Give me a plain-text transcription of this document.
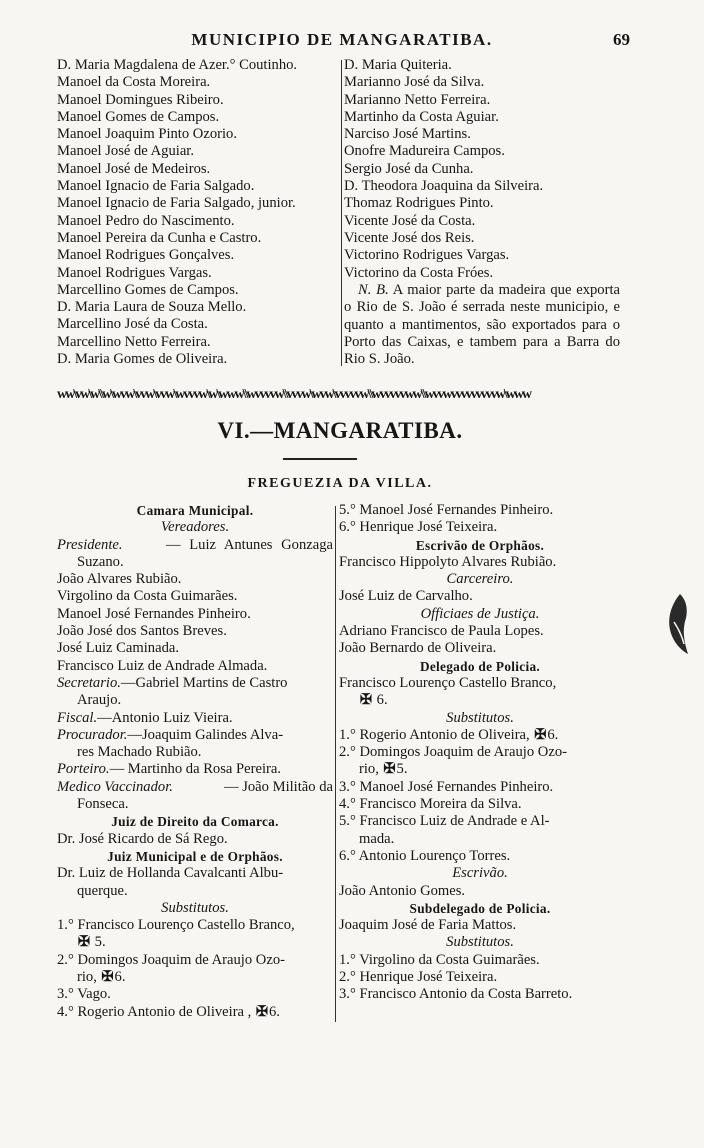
MUNICIPIO DE MANGARATIBA.	69
D. Maria Magdalena de Azer.° Coutinho.
Manoel da Costa Moreira.
Manoel Domingues Ribeiro.
Manoel Gomes de Campos.
Manoel Joaquim Pinto Ozorio.
Manoel José de Aguiar.
Manoel José de Medeiros.
Manoel Ignacio de Faria Salgado.
Manoel Ignacio de Faria Salgado, junior.
Manoel Pedro do Nascimento.
Manoel Pereira da Cunha e Castro.
Manoel Rodrigues Gonçalves.
Manoel Rodrigues Vargas.
Marcellino Gomes de Campos.
D. Maria Laura de Souza Mello.
Marcellino José da Costa.
Marcellino Netto Ferreira.
D. Maria Gomes de Oliveira.
D. Maria Quiteria.
Marianno José da Silva.
Marianno Netto Ferreira.
Martinho da Costa Aguiar.
Narciso José Martins.
Onofre Madureira Campos.
Sergio José da Cunha.
D. Theodora Joaquina da Silveira.
Thomaz Rodrigues Pinto.
Vicente José da Costa.
Vicente José dos Reis.
Victorino Rodrigues Vargas.
Victorino da Costa Fróes.
N. B. A maior parte da madeira que exporta o Rio de S. João é serrada neste municipio, e quanto a mantimentos, são exportados para o Porto das Caixas, e tambem para a Barra do Rio S. João.
ww\vw\w\\w\wvw\vvw\vvw\wvvvw\w\www\\wvvvvw\\vvvw\wvw\vvvvvw\\wvvvvvww\\wvvwvvvvvvvvvw\www
VI.—MANGARATIBA.
FREGUEZIA DA VILLA.
Camara Municipal.
Vereadores.
Presidente.	— Luiz Antunes Gonzaga
Suzano.
João Alvares Rubião.
Virgolino da Costa Guimarães.
Manoel José Fernandes Pinheiro.
João José dos Santos Breves.
José Luiz Caminada.
Francisco Luiz de Andrade Almada.
Secretario.—Gabriel Martins de Castro
Araujo.
Fiscal.—Antonio Luiz Vieira.
Procurador.—Joaquim Galindes Alva-
res Machado Rubião.
Porteiro.— Martinho da Rosa Pereira.
Medico Vaccinador.	— João Militão da
Fonseca.
Juiz de Direito da Comarca.
Dr. José Ricardo de Sá Rego.
Juiz Municipal e de Orphãos.
Dr. Luiz de Hollanda Cavalcanti Albu-
querque.
Substitutos.
1.° Francisco Lourenço Castello Branco,
✠ 5.
2.° Domingos Joaquim de Araujo Ozo-
rio, ✠6.
3.° Vago.
4.° Rogerio Antonio de Oliveira , ✠6.
5.° Manoel José Fernandes Pinheiro.
6.° Henrique José Teixeira.
Escrivão de Orphãos.
Francisco Hippolyto Alvares Rubião.
Carcereiro.
José Luiz de Carvalho.
Officiaes de Justiça.
Adriano Francisco de Paula Lopes.
João Bernardo de Oliveira.
Delegado de Policia.
Francisco Lourenço Castello Branco,
✠ 6.
Substitutos.
1.° Rogerio Antonio de Oliveira, ✠6.
2.° Domingos Joaquim de Araujo Ozo-
rio, ✠5.
3.° Manoel José Fernandes Pinheiro.
4.° Francisco Moreira da Silva.
5.° Francisco Luiz de Andrade e Al-
mada.
6.° Antonio Lourenço Torres.
Escrivão.
João Antonio Gomes.
Subdelegado de Policia.
Joaquim José de Faria Mattos.
Substitutos.
1.° Virgolino da Costa Guimarães.
2.° Henrique José Teixeira.
3.° Francisco Antonio da Costa Barreto.
